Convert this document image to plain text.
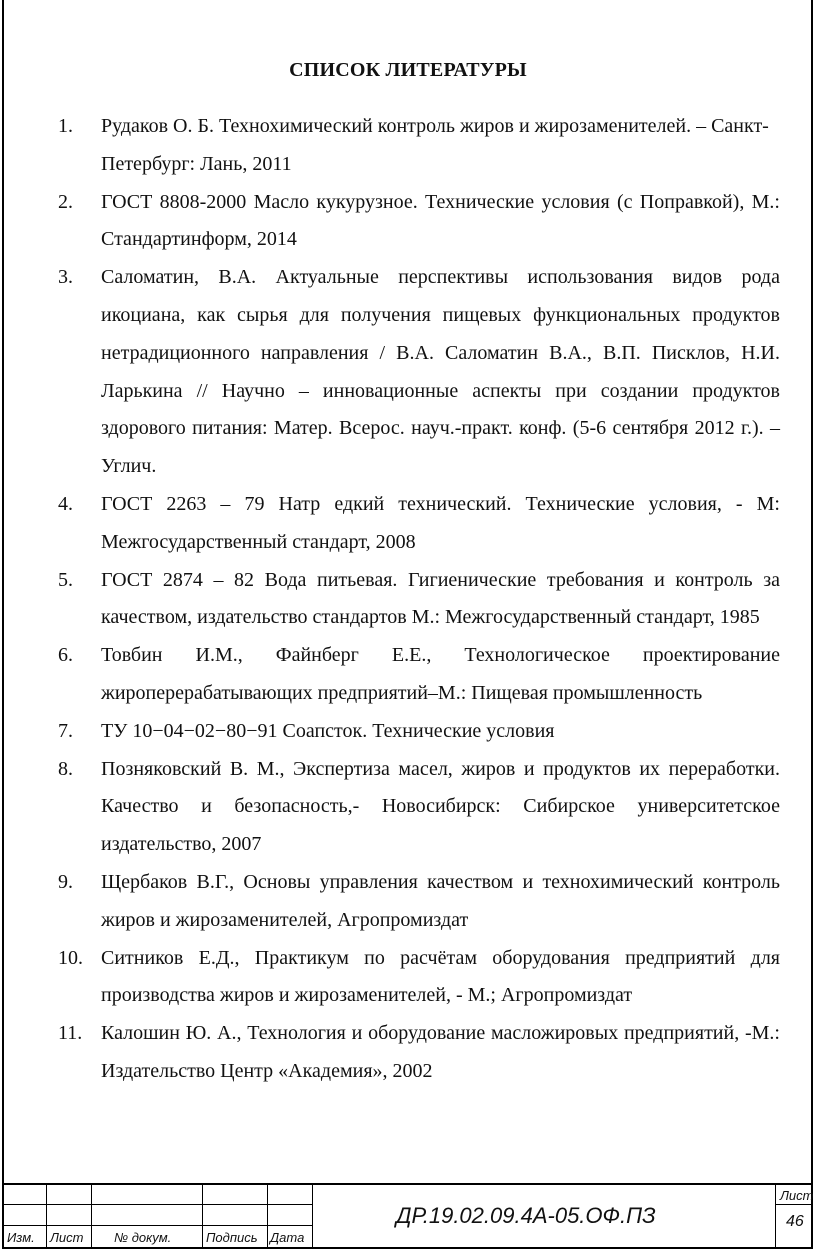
СПИСОК ЛИТЕРАТУРЫ
1.	Рудаков О. Б. Технохимический контроль жиров и жирозаменителей. – Санкт-Петербург: Лань, 2011
2.	ГОСТ 8808-2000 Масло кукурузное. Технические условия (с Поправкой), М.: Стандартинформ, 2014
3.	Саломатин, В.А. Актуальные перспективы использования видов рода икоциана, как сырья для получения пищевых функциональных продуктов нетрадиционного направления / В.А. Саломатин В.А., В.П. Писклов, Н.И. Ларькина // Научно – инновационные аспекты при создании продуктов здорового питания: Матер. Всерос. науч.-практ. конф. (5-6 сентября 2012 г.). – Углич.
4.	ГОСТ 2263 – 79 Натр едкий технический. Технические условия, - М: Межгосударственный стандарт, 2008
5.	ГОСТ 2874 – 82 Вода питьевая. Гигиенические требования и контроль за качеством, издательство стандартов М.: Межгосударственный стандарт, 1985
6.	Товбин И.М., Файнберг Е.Е., Технологическое проектирование жироперерабатывающих предприятий–М.: Пищевая промышленность
7.	ТУ 10−04−02−80−91 Соапсток. Технические условия
8.	Позняковский В. М., Экспертиза масел, жиров и продуктов их переработки. Качество и безопасность,- Новосибирск: Сибирское университетское издательство, 2007
9.	Щербаков В.Г., Основы управления качеством и технохимический контроль жиров и жирозаменителей, Агропромиздат
10. Ситников Е.Д., Практикум по расчётам оборудования предприятий для производства жиров и жирозаменителей, - М.; Агропромиздат
11. Калошин Ю. А., Технология и оборудование масложировых предприятий, -М.: Издательство Центр «Академия», 2002
Изм. Лист № докум.	Подпись Дата
ДР.19.02.09.4А-05.ОФ.ПЗ
Лист
46
